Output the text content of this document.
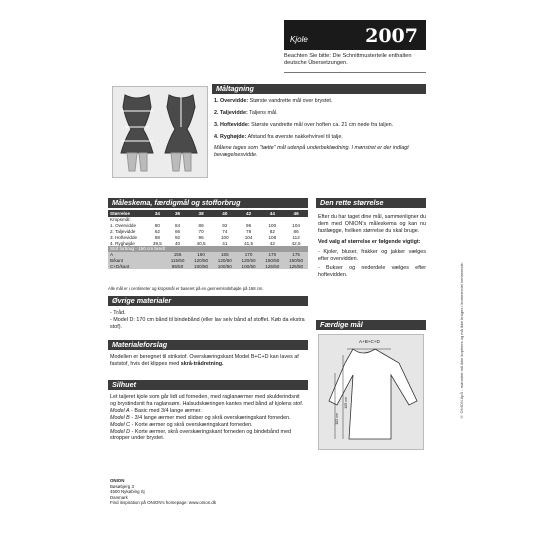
Kjole	2007
Beachten Sie bitte: Die Schnittmusterteile enthalten deutsche Übersetzungen.
Måltagning
1. Overvidde: Største vandrette mål over brystet.
2. Taljevidde: Taljens mål.
3. Hoftevidde: Største vandrette mål over hoften ca. 21 cm nede fra taljen.
4. Ryghøjde: Afstand fra øverste nakkehvirvel til talje.
Målene tages som "tætte" mål udenpå underbeklædning. I mønstret er der indlagt bevægelsesvidde.
Måleskema, færdigmål og stofforbrug
Størrelse	34	36	38	40	42	44	46
Kropsmål:							
1. Overvidde	80	84	88	92	96	100	104
2. Taljevidde	62	66	70	74	78	82	86
3. Hoftevidde	88	92	96	100	104	108	112
4. Ryghøjde	39,5	40	40,5	41	41,5	42	42,5
Stof forbrug - 150 cm bredt							
A		155	160	165	170	170	175
B/kant		115/50	120/50	120/50	120/50	150/50	150/50
C+D/kant		95/50	100/50	100/50	100/50	125/50	125/50
Alle mål er i centimeter og kropsmål er baseret på en gennemsnitshøjde på 168 cm.
Den rette størrelse
Efter du har taget dine mål, sammenligner du dem med ONION's måleskema og kan nu fastlægge, hvilken størrelse du skal bruge.
Ved valg af størrelse er følgende vigtigt:
- Kjoler, bluser, frakker og jakker vælges efter overvidden.
- Bukser og nederdele vælges efter hoftevidden.
Færdige mål
A+B+C+D
105 cm
102 cm
Øvrige materialer
- Tråd.
- Model D: 170 cm bånd til bindebånd (eller lav selv bånd af stoffet. Køb da ekstra stof).
Materialeforslag
Modellen er beregnet til strikstof. Overskæringskant Model B+C+D kan laves af faststof, hvis det klippes med skrå-trådretning.
Silhuet
Let taljeret kjole som går lidt ud forneden, med raglanærmer med skulderindsnit og brystindsnit fra raglansøm. Halsudskæringen kantes med bånd af kjolens stof.
Model A - Basic med 3/4 lange ærmer.
Model B - 3/4 lange ærmer med slidser og skrå overskæringskant forneden.
Model C - Korte ærmer og skrå overskæringskant forneden.
Model D - Korte ærmer, skrå overskæringskant forneden og bindebånd med stropper under brystet.
ONION
Bøsøbjerg 3
4500 Nykøbing Sj
Danmark
Find inspiration på ONION's homepage: www.onion.dk
© ONION ApS - mønstret må ikke kopieres og må ikke bruges i kommerciel henseende.
